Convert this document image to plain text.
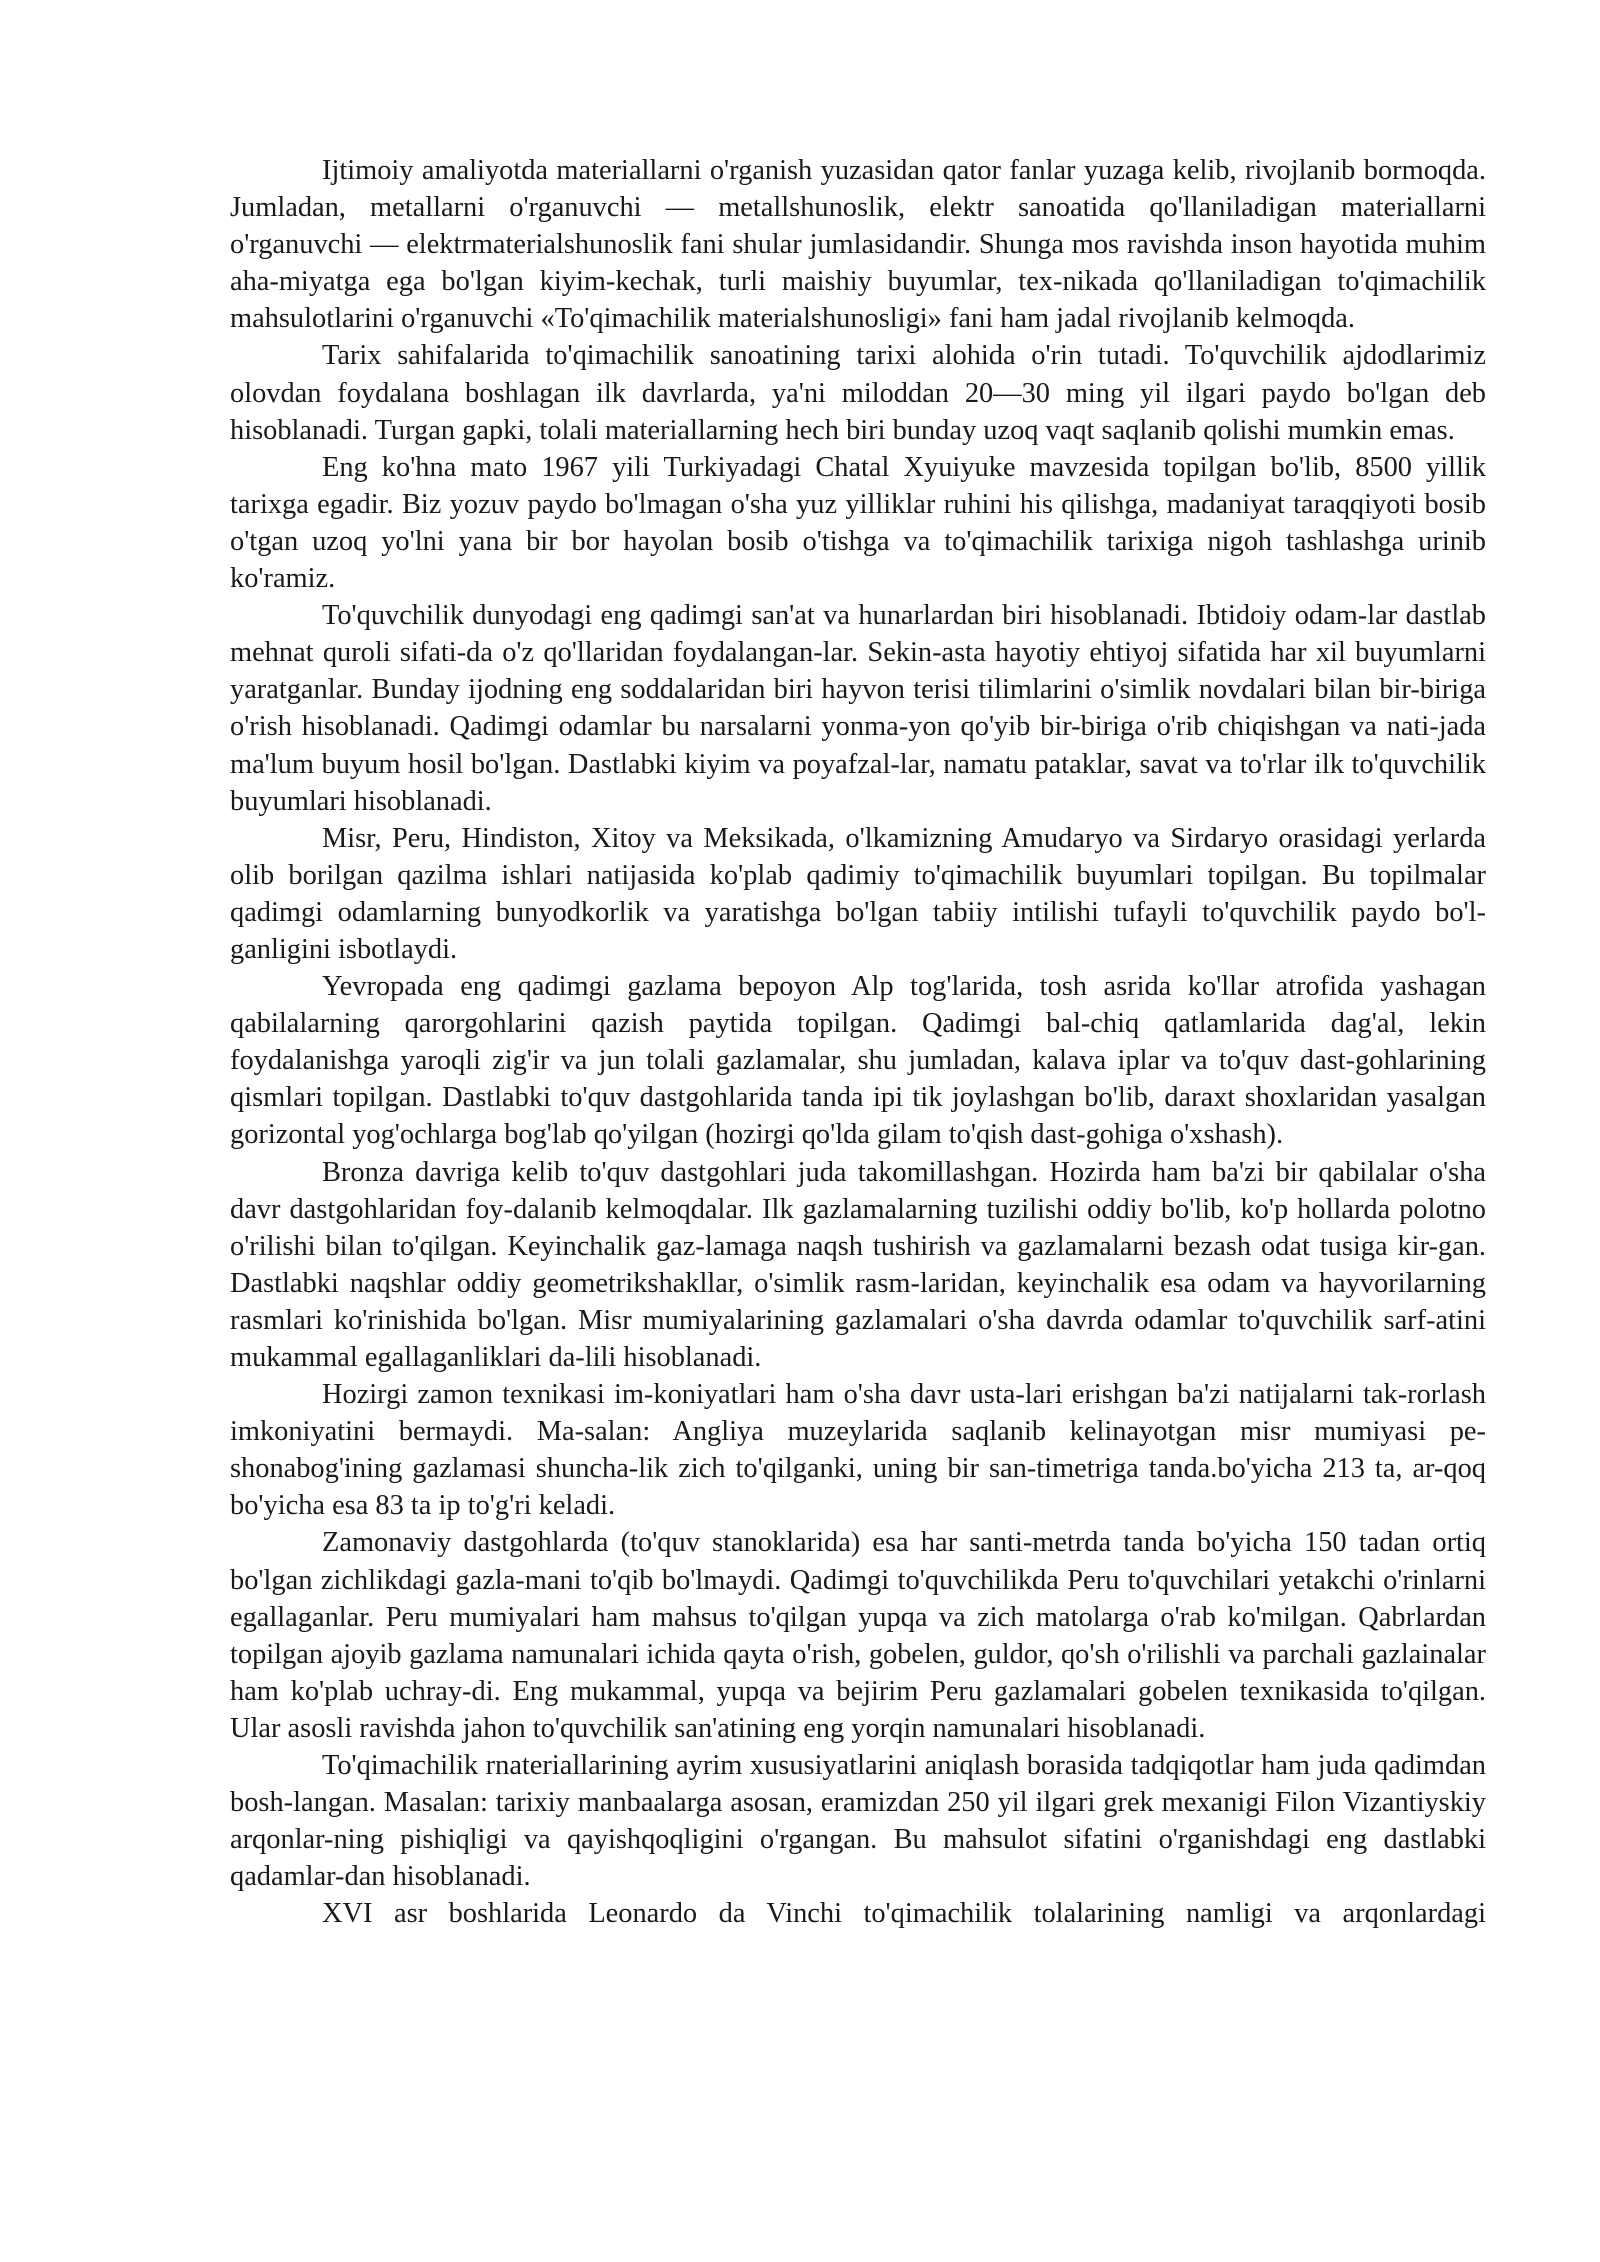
Ijtimoiy amaliyotda materiallarni o'rganish yuzasidan qator fanlar yuzaga kelib, rivojlanib bormoqda. Jumladan, metallarni o'rganuvchi — metallshunoslik, elektr sanoatida qo'llaniladigan materiallarni o'rganuvchi — elektrmaterialshunoslik fani shular jumlasidandir. Shunga mos ravishda inson hayotida muhim aha-miyatga ega bo'lgan kiyim-kechak, turli maishiy buyumlar, tex-nikada qo'llaniladigan to'qimachilik mahsulotlarini o'rganuvchi «To'qimachilik materialshunosligi» fani ham jadal rivojlanib kelmoqda.

Tarix sahifalarida to'qimachilik sanoatining tarixi alohida o'rin tutadi. To'quvchilik ajdodlarimiz olovdan foydalana boshlagan ilk davrlarda, ya'ni miloddan 20—30 ming yil ilgari paydo bo'lgan deb hisoblanadi. Turgan gapki, tolali materiallarning hech biri bunday uzoq vaqt saqlanib qolishi mumkin emas.

Eng ko'hna mato 1967 yili Turkiyadagi Chatal Xyuiyuke mavzesida topilgan bo'lib, 8500 yillik tarixga egadir. Biz yozuv paydo bo'lmagan o'sha yuz yilliklar ruhini his qilishga, madaniyat taraqqiyoti bosib o'tgan uzoq yo'lni yana bir bor hayolan bosib o'tishga va to'qimachilik tarixiga nigoh tashlashga urinib ko'ramiz.

To'quvchilik dunyodagi eng qadimgi san'at va hunarlardan biri hisoblanadi. Ibtidoiy odam-lar dastlab mehnat quroli sifati-da o'z qo'llaridan foydalangan-lar. Sekin-asta hayotiy ehtiyoj sifatida har xil buyumlarni yaratganlar. Bunday ijodning eng soddalaridan biri hayvon terisi tilimlarini o'simlik novdalari bilan bir-biriga o'rish hisoblanadi. Qadimgi odamlar bu narsalarni yonma-yon qo'yib bir-biriga o'rib chiqishgan va nati-jada ma'lum buyum hosil bo'lgan. Dastlabki kiyim va poyafzal-lar, namatu pataklar, savat va to'rlar ilk to'quvchilik buyumlari hisoblanadi.

Misr, Peru, Hindiston, Xitoy va Meksikada, o'lkamizning Amudaryo va Sirdaryo orasidagi yerlarda olib borilgan qazilma ishlari natijasida ko'plab qadimiy to'qimachilik buyumlari topilgan. Bu topilmalar qadimgi odamlarning bunyodkorlik va yaratishga bo'lgan tabiiy intilishi tufayli to'quvchilik paydo bo'l-ganligini isbotlaydi.

Yevropada eng qadimgi gazlama bepoyon Alp tog'larida, tosh asrida ko'llar atrofida yashagan qabilalarning qarorgohlarini qazish paytida topilgan. Qadimgi bal-chiq qatlamlarida dag'al, lekin foydalanishga yaroqli zig'ir va jun tolali gazlamalar, shu jumladan, kalava iplar va to'quv dast-gohlarining qismlari topilgan. Dastlabki to'quv dastgohlarida tanda ipi tik joylashgan bo'lib, daraxt shoxlaridan yasalgan gorizontal yog'ochlarga bog'lab qo'yilgan (hozirgi qo'lda gilam to'qish dast-gohiga o'xshash).

Bronza davriga kelib to'quv dastgohlari juda takomillashgan. Hozirda ham ba'zi bir qabilalar o'sha davr dastgohlaridan foy-dalanib kelmoqdalar. Ilk gazlamalarning tuzilishi oddiy bo'lib, ko'p hollarda polotno o'rilishi bilan to'qilgan. Keyinchalik gaz-lamaga naqsh tushirish va gazlamalarni bezash odat tusiga kir-gan. Dastlabki naqshlar oddiy geometrikshakllar, o'simlik rasm-laridan, keyinchalik esa odam va hayvorilarning rasmlari ko'rinishida bo'lgan. Misr mumiyalarining gazlamalari o'sha davrda odamlar to'quvchilik sarf-atini mukammal egallaganliklari da-lili hisoblanadi.

Hozirgi zamon texnikasi im-koniyatlari ham o'sha davr usta-lari erishgan ba'zi natijalarni tak-rorlash imkoniyatini bermaydi. Ma-salan: Angliya muzeylarida saqlanib kelinayotgan misr mumiyasi pe-shonabog'ining gazlamasi shuncha-lik zich to'qilganki, uning bir san-timetriga tanda.bo'yicha 213 ta, ar-qoq bo'yicha esa 83 ta ip to'g'ri keladi.

Zamonaviy dastgohlarda (to'quv stanoklarida) esa har santi-metrda tanda bo'yicha 150 tadan ortiq bo'lgan zichlikdagi gazla-mani to'qib bo'lmaydi. Qadimgi to'quvchilikda Peru to'quvchilari yetakchi o'rinlarni egallaganlar. Peru mumiyalari ham mahsus to'qilgan yupqa va zich matolarga o'rab ko'milgan. Qabrlardan topilgan ajoyib gazlama namunalari ichida qayta o'rish, gobelen, guldor, qo'sh o'rilishli va parchali gazlainalar ham ko'plab uchray-di. Eng mukammal, yupqa va bejirim Peru gazlamalari gobelen texnikasida to'qilgan. Ular asosli ravishda jahon to'quvchilik san'atining eng yorqin namunalari hisoblanadi.

To'qimachilik rnateriallarining ayrim xususiyatlarini aniqlash borasida tadqiqotlar ham juda qadimdan bosh-langan. Masalan: tarixiy manbaalarga asosan, eramizdan 250 yil ilgari grek mexanigi Filon Vizantiyskiy arqonlar-ning pishiqligi va qayishqoqligini o'rgangan. Bu mahsulot sifatini o'rganishdagi eng dastlabki qadamlar-dan hisoblanadi.

XVI asr boshlarida Leonardo da Vinchi to'qimachilik tolalarining namligi va arqonlardagi
